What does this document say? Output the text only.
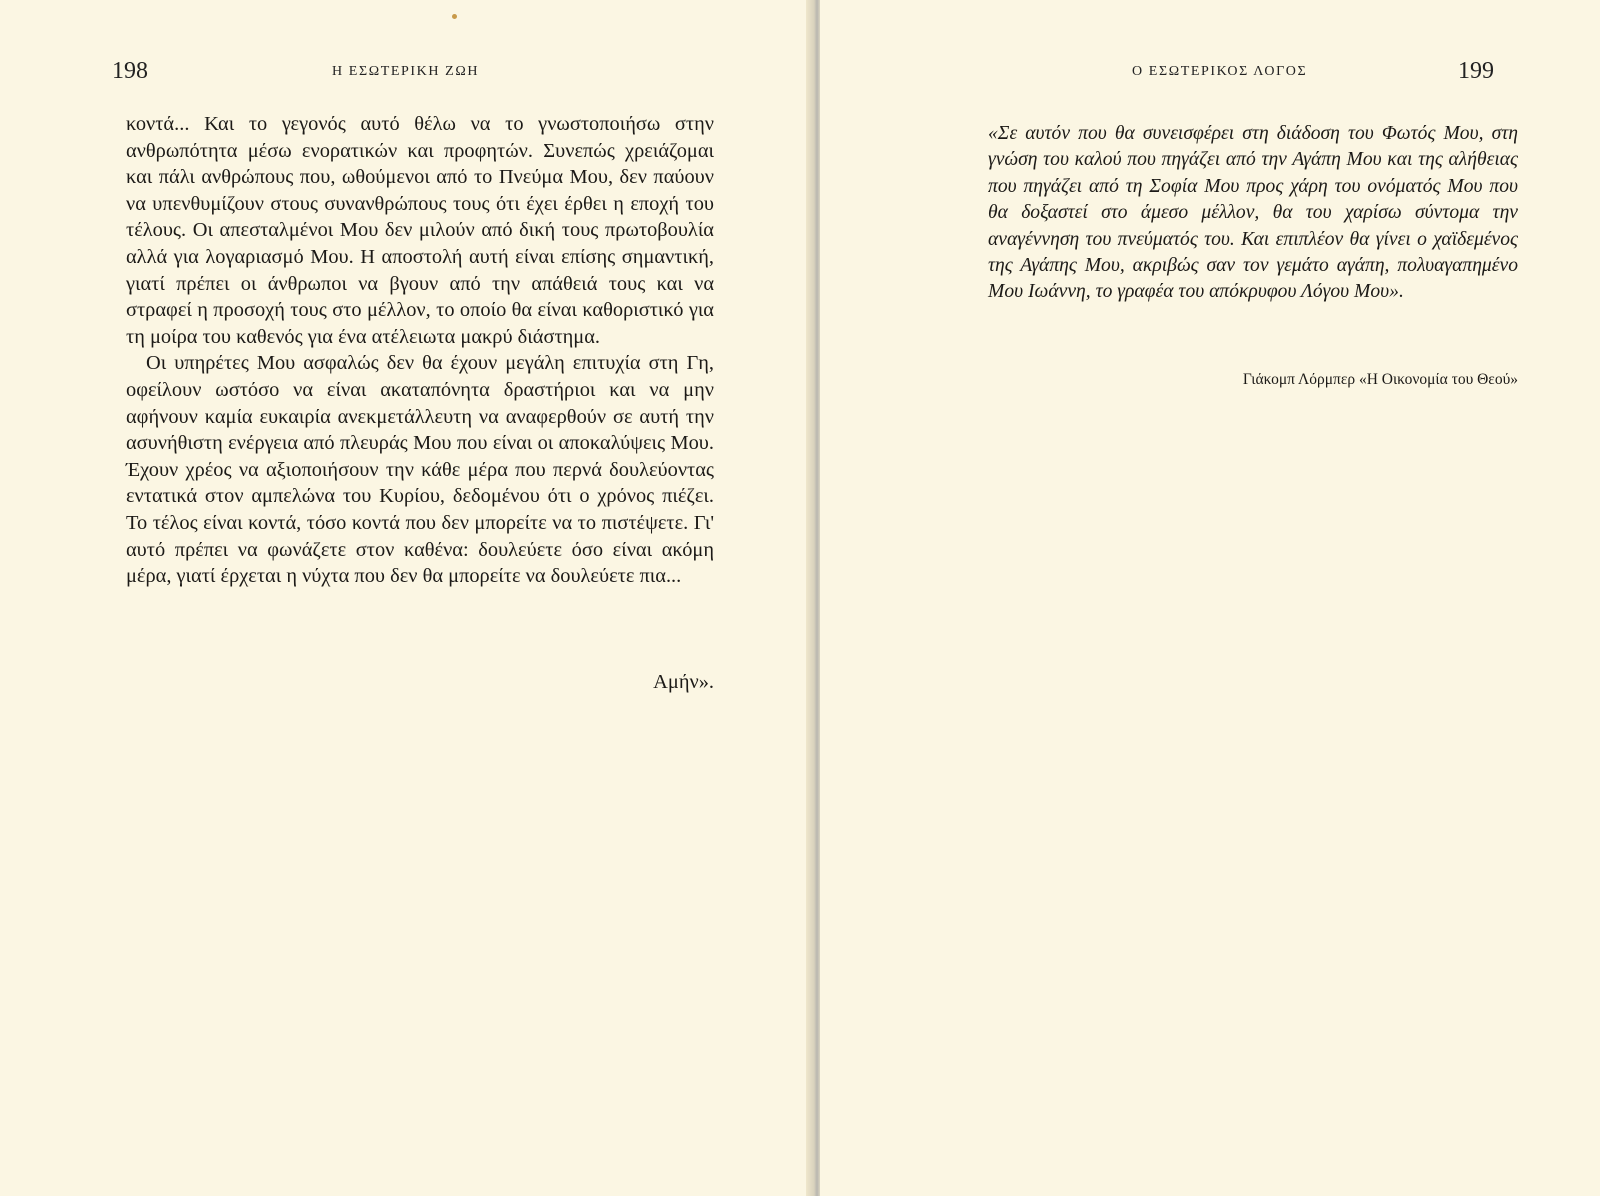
198	Η ΕΣΩΤΕΡΙΚΗ ΖΩΗ

κοντά... Και το γεγονός αυτό θέλω να το γνωστοποιήσω στην ανθρωπότητα μέσω ενορατικών και προφητών. Συνεπώς χρειάζομαι και πάλι ανθρώπους που, ωθούμενοι από το Πνεύμα Μου, δεν παύουν να υπενθυμίζουν στους συνανθρώπους τους ότι έχει έρθει η εποχή του τέλους. Οι απεσταλμένοι Μου δεν μιλούν από δική τους πρωτοβουλία αλλά για λογαριασμό Μου. Η αποστολή αυτή είναι επίσης σημαντική, γιατί πρέπει οι άνθρωποι να βγουν από την απάθειά τους και να στραφεί η προσοχή τους στο μέλλον, το οποίο θα είναι καθοριστικό για τη μοίρα του καθενός για ένα ατέλειωτα μακρύ διάστημα.

Οι υπηρέτες Μου ασφαλώς δεν θα έχουν μεγάλη επιτυχία στη Γη, οφείλουν ωστόσο να είναι ακαταπόνητα δραστήριοι και να μην αφήνουν καμία ευκαιρία ανεκμετάλλευτη να αναφερθούν σε αυτή την ασυνήθιστη ενέργεια από πλευράς Μου που είναι οι αποκαλύψεις Μου. Έχουν χρέος να αξιοποιήσουν την κάθε μέρα που περνά δουλεύοντας εντατικά στον αμπελώνα του Κυρίου, δεδομένου ότι ο χρόνος πιέζει. Το τέλος είναι κοντά, τόσο κοντά που δεν μπορείτε να το πιστέψετε. Γι' αυτό πρέπει να φωνάζετε στον καθένα: δουλεύετε όσο είναι ακόμη μέρα, γιατί έρχεται η νύχτα που δεν θα μπορείτε να δουλεύετε πια...

Αμήν».
Ο ΕΣΩΤΕΡΙΚΟΣ ΛΟΓΟΣ	199

«Σε αυτόν που θα συνεισφέρει στη διάδοση του Φωτός Μου, στη γνώση του καλού που πηγάζει από την Αγάπη Μου και της αλήθειας που πηγάζει από τη Σοφία Μου προς χάρη του ονόματός Μου που θα δοξαστεί στο άμεσο μέλλον, θα του χαρίσω σύντομα την αναγέννηση του πνεύματός του. Και επιπλέον θα γίνει ο χαϊδεμένος της Αγάπης Μου, ακριβώς σαν τον γεμάτο αγάπη, πολυαγαπημένο Μου Ιωάννη, το γραφέα του απόκρυφου Λόγου Μου».

Γιάκομπ Λόρμπερ «Η Οικονομία του Θεού»
